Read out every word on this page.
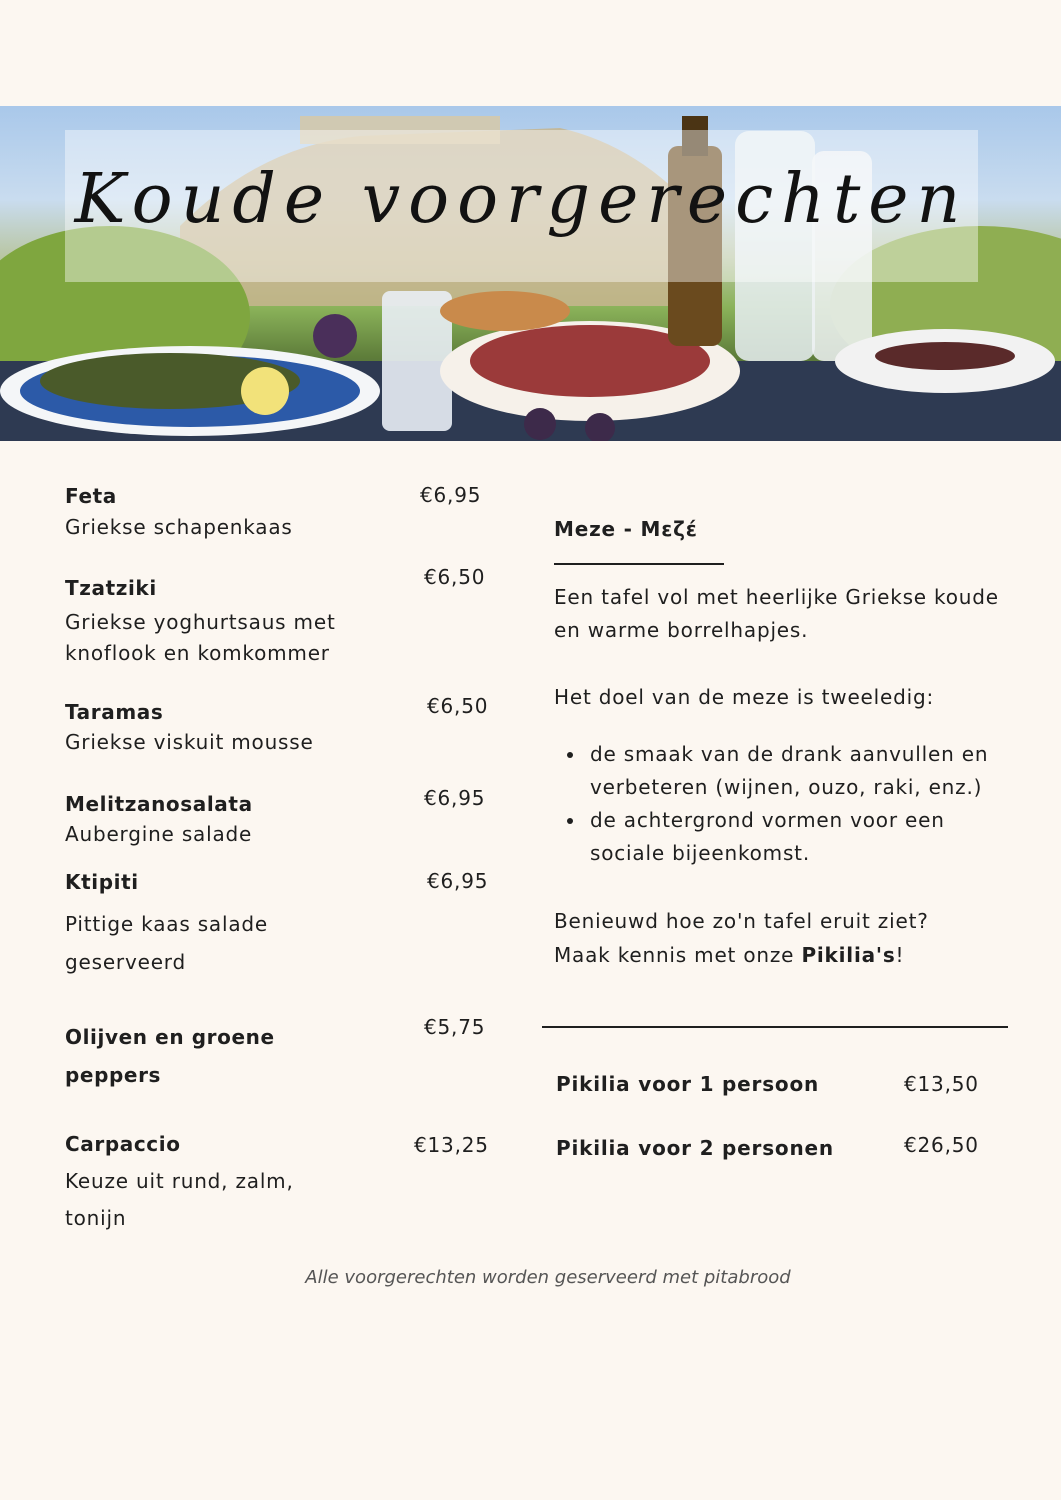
Koude voorgerechten
Feta	€6,95
Griekse schapenkaas
Tzatziki	€6,50
Griekse yoghurtsaus met knoflook en komkommer
Taramas	€6,50
Griekse viskuit mousse
Melitzanosalata	€6,95
Aubergine salade
Ktipiti	€6,95
Pittige kaas salade geserveerd
Olijven en groene peppers
€5,75
Carpaccio	€13,25
Keuze uit rund, zalm, tonijn
Meze - Μεζέ
Een tafel vol met heerlijke Griekse koude en warme borrelhapjes.
Het doel van de meze is tweeledig:
de smaak van de drank aanvullen en verbeteren (wijnen, ouzo, raki, enz.)
de achtergrond vormen voor een sociale bijeenkomst.
Benieuwd hoe zo'n tafel eruit ziet?
Maak kennis met onze Pikilia's!
Pikilia voor 1 persoon	€13,50
Pikilia voor 2 personen	€26,50
Alle voorgerechten worden geserveerd met pitabrood
